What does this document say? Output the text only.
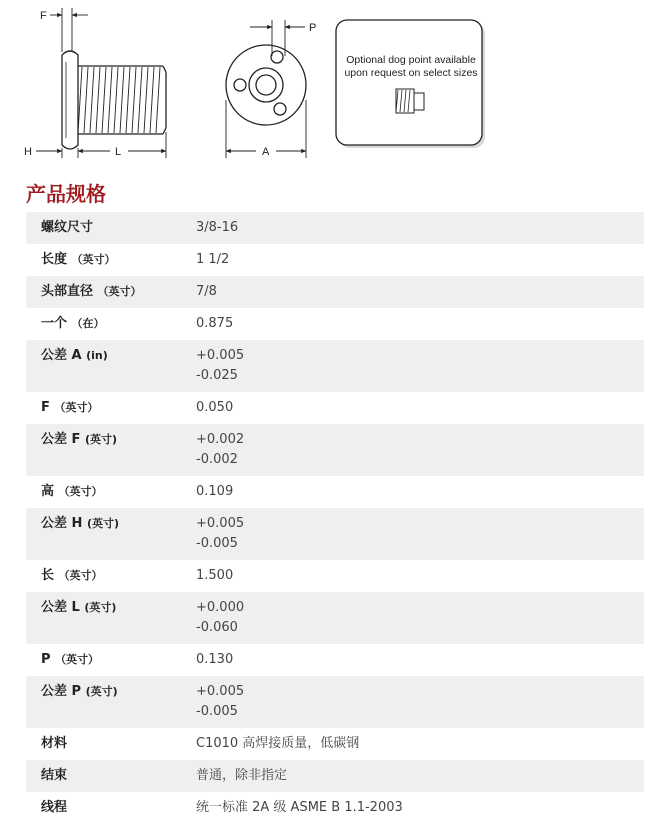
F
H	L	A
P
Optional dog point available upon request on select sizes
产品规格
螺纹尺寸	3/8-16

长度 （英寸）	1 1/2

头部直径 （英寸）	7/8

一个 （在）	0.875

公差 A (in)	+0.005
-0.025

F （英寸）	0.050

公差 F (英寸)	+0.002
-0.002

高 （英寸）	0.109

公差 H (英寸)	+0.005
-0.005

长 （英寸）	1.500

公差 L (英寸)	+0.000
-0.060

P （英寸）	0.130

公差 P (英寸)	+0.005
-0.005

材料	C1010 高焊接质量，低碳钢

结束	普通，除非指定

线程	统一标准 2A 级 ASME B 1.1-2003
